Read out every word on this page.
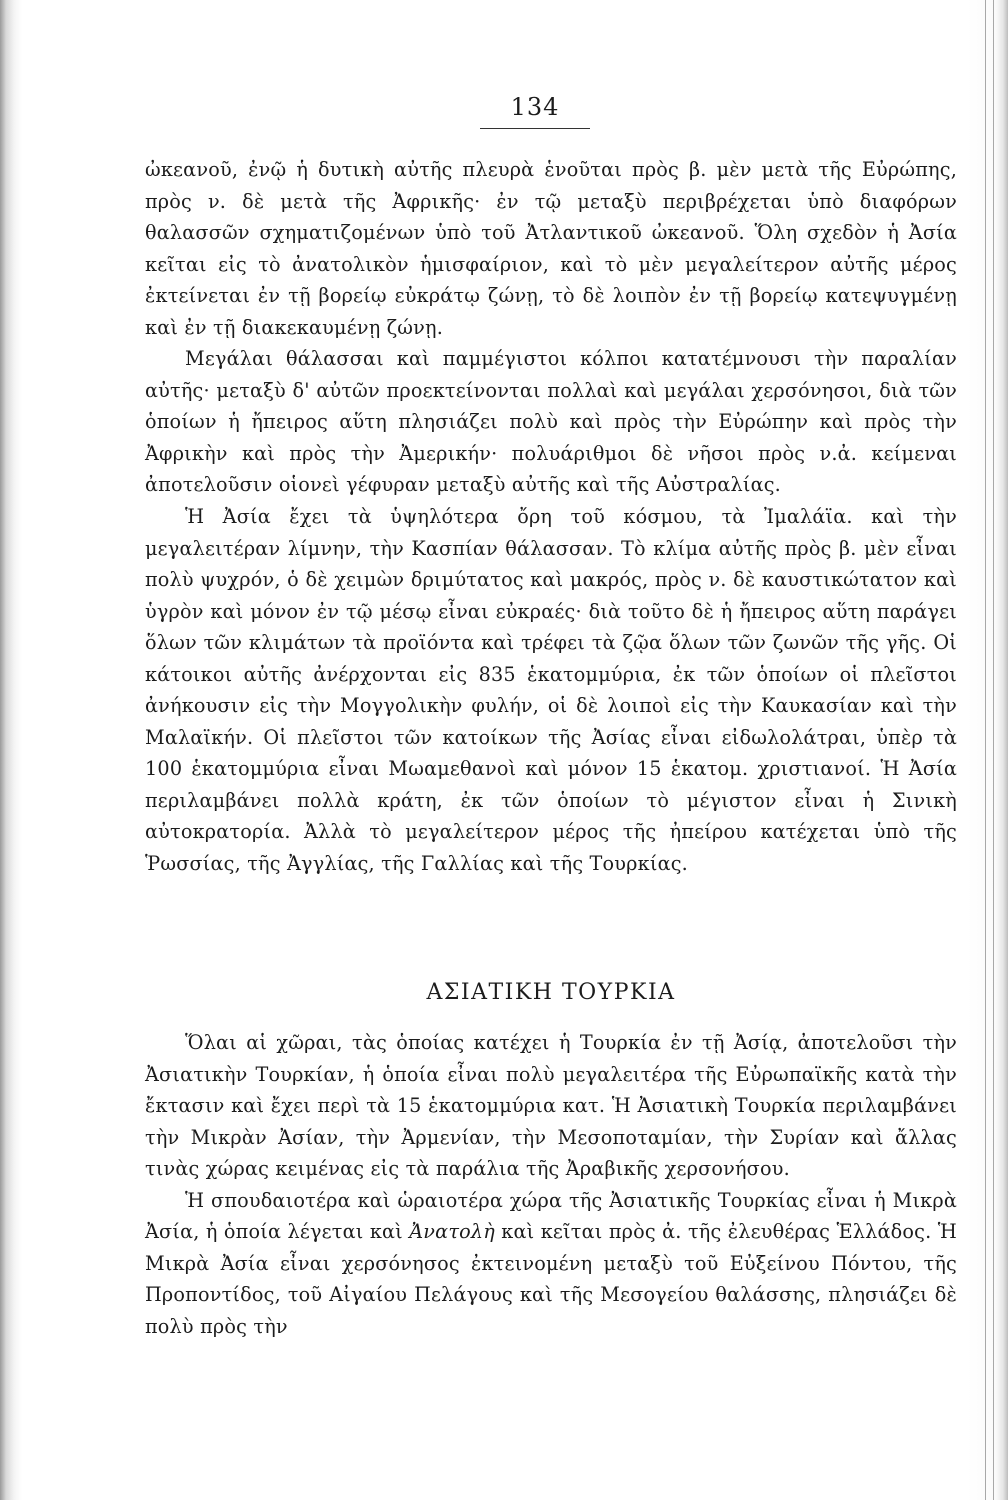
134

ὠκεανοῦ, ἐνῷ ἡ δυτικὴ αὐτῆς πλευρὰ ἑνοῦται πρὸς β. μὲν μετὰ τῆς Εὐρώπης, πρὸς ν. δὲ μετὰ τῆς Ἀφρικῆς· ἐν τῷ μεταξὺ περιβρέχεται ὑπὸ διαφόρων θαλασσῶν σχηματιζομένων ὑπὸ τοῦ Ἀτλαντικοῦ ὠκεανοῦ. Ὅλη σχεδὸν ἡ Ἀσία κεῖται εἰς τὸ ἀνατολικὸν ἡμισφαίριον, καὶ τὸ μὲν μεγαλείτερον αὐτῆς μέρος ἐκτείνεται ἐν τῇ βορείῳ εὐκράτῳ ζώνῃ, τὸ δὲ λοιπὸν ἐν τῇ βορείῳ κατεψυγμένῃ καὶ ἐν τῇ διακεκαυμένῃ ζώνῃ.

Μεγάλαι θάλασσαι καὶ παμμέγιστοι κόλποι κατατέμνουσι τὴν παραλίαν αὐτῆς· μεταξὺ δ' αὐτῶν προεκτείνονται πολλαὶ καὶ μεγάλαι χερσόνησοι, διὰ τῶν ὁποίων ἡ ἤπειρος αὕτη πλησιάζει πολὺ καὶ πρὸς τὴν Εὐρώπην καὶ πρὸς τὴν Ἀφρικὴν καὶ πρὸς τὴν Ἀμερικήν· πολυάριθμοι δὲ νῆσοι πρὸς ν.ἀ. κείμεναι ἀποτελοῦσιν οἱονεὶ γέφυραν μεταξὺ αὐτῆς καὶ τῆς Αὐστραλίας.

Ἡ Ἀσία ἔχει τὰ ὑψηλότερα ὄρη τοῦ κόσμου, τὰ Ἰμαλάϊα. καὶ τὴν μεγαλειτέραν λίμνην, τὴν Κασπίαν θάλασσαν. Τὸ κλίμα αὐτῆς πρὸς β. μὲν εἶναι πολὺ ψυχρόν, ὁ δὲ χειμὼν δριμύτατος καὶ μακρός, πρὸς ν. δὲ καυστικώτατον καὶ ὑγρὸν καὶ μόνον ἐν τῷ μέσῳ εἶναι εὐκραές· διὰ τοῦτο δὲ ἡ ἤπειρος αὕτη παράγει ὅλων τῶν κλιμάτων τὰ προϊόντα καὶ τρέφει τὰ ζῷα ὅλων τῶν ζωνῶν τῆς γῆς. Οἱ κάτοικοι αὐτῆς ἀνέρχονται εἰς 835 ἑκατομμύρια, ἐκ τῶν ὁποίων οἱ πλεῖστοι ἀνήκουσιν εἰς τὴν Μογγολικὴν φυλήν, οἱ δὲ λοιποὶ εἰς τὴν Καυκασίαν καὶ τὴν Μαλαϊκήν. Οἱ πλεῖστοι τῶν κατοίκων τῆς Ἀσίας εἶναι εἰδωλολάτραι, ὑπὲρ τὰ 100 ἑκατομμύρια εἶναι Μωαμεθανοὶ καὶ μόνον 15 ἑκατομ. χριστιανοί. Ἡ Ἀσία περιλαμβάνει πολλὰ κράτη, ἐκ τῶν ὁποίων τὸ μέγιστον εἶναι ἡ Σινικὴ αὐτοκρατορία. Ἀλλὰ τὸ μεγαλείτερον μέρος τῆς ἠπείρου κατέχεται ὑπὸ τῆς Ῥωσσίας, τῆς Ἀγγλίας, τῆς Γαλλίας καὶ τῆς Τουρκίας.

ΑΣΙΑΤΙΚΗ ΤΟΥΡΚΙΑ

Ὅλαι αἱ χῶραι, τὰς ὁποίας κατέχει ἡ Τουρκία ἐν τῇ Ἀσίᾳ, ἀποτελοῦσι τὴν Ἀσιατικὴν Τουρκίαν, ἡ ὁποία εἶναι πολὺ μεγαλειτέρα τῆς Εὐρωπαϊκῆς κατὰ τὴν ἔκτασιν καὶ ἔχει περὶ τὰ 15 ἑκατομμύρια κατ. Ἡ Ἀσιατικὴ Τουρκία περιλαμβάνει τὴν Μικρὰν Ἀσίαν, τὴν Ἀρμενίαν, τὴν Μεσοποταμίαν, τὴν Συρίαν καὶ ἄλλας τινὰς χώρας κειμένας εἰς τὰ παράλια τῆς Ἀραβικῆς χερσονήσου.

Ἡ σπουδαιοτέρα καὶ ὡραιοτέρα χώρα τῆς Ἀσιατικῆς Τουρκίας εἶναι ἡ Μικρὰ Ἀσία, ἡ ὁποία λέγεται καὶ Ἀνατολὴ καὶ κεῖται πρὸς ἀ. τῆς ἐλευθέρας Ἑλλάδος. Ἡ Μικρὰ Ἀσία εἶναι χερσόνησος ἐκτεινομένη μεταξὺ τοῦ Εὐξείνου Πόντου, τῆς Προποντίδος, τοῦ Αἰγαίου Πελάγους καὶ τῆς Μεσογείου θαλάσσης, πλησιάζει δὲ πολὺ πρὸς τὴν
